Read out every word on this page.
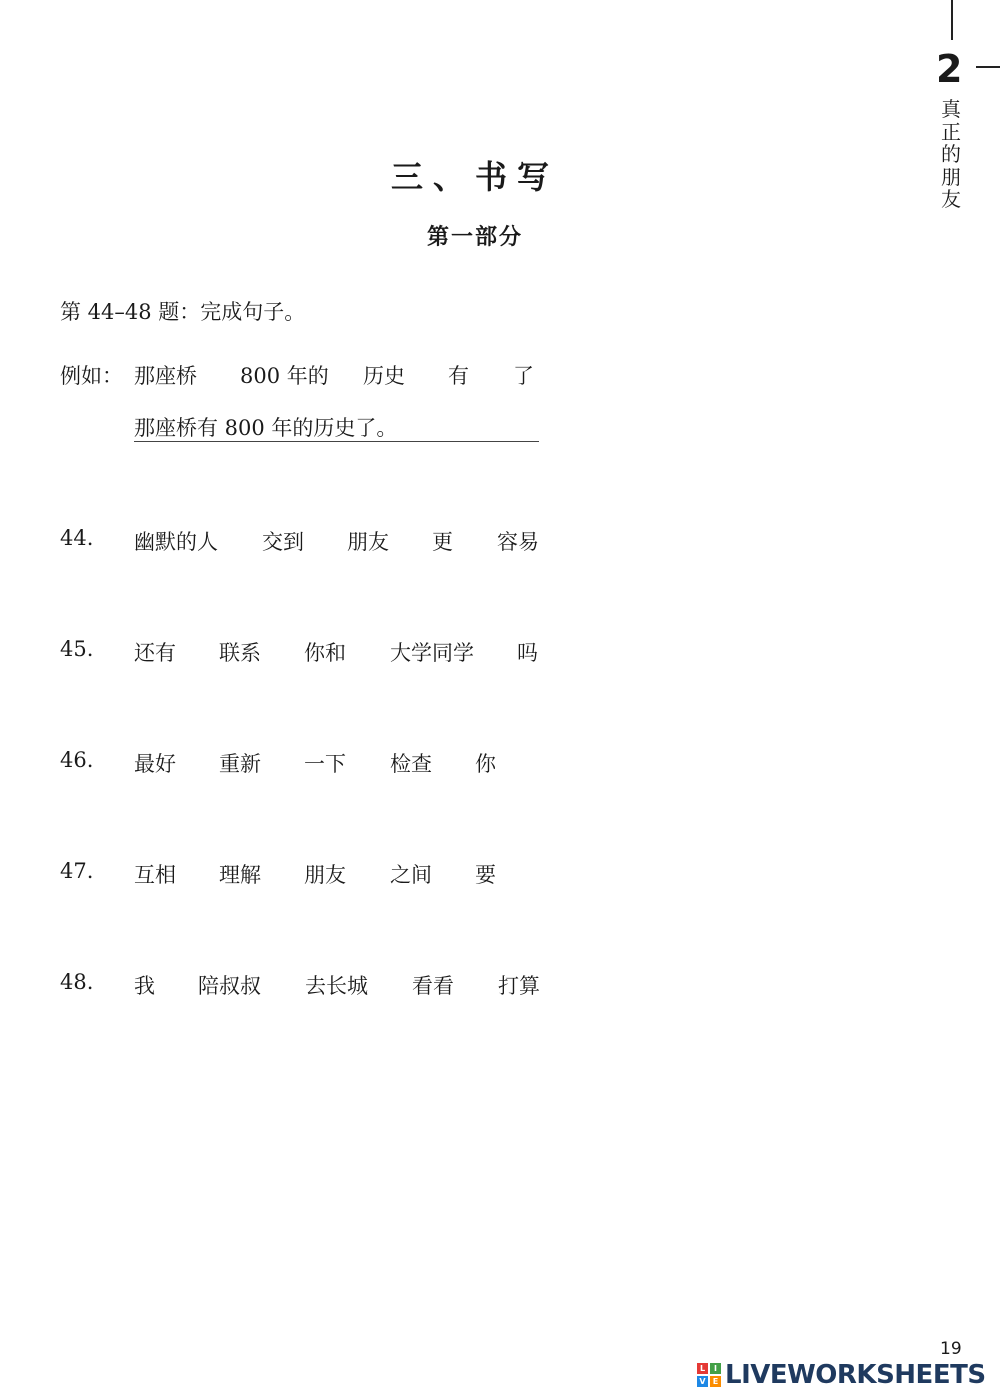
2
真
正
的
朋
友
三、书写
第一部分
第 44–48 题：完成句子。
例如： 那座桥 800 年的 历史 有 了
那座桥有 800 年的历史了。
44. 幽默的人 交到 朋友 更 容易
45. 还有 联系 你和 大学同学 吗
46. 最好 重新 一下 检查 你
47. 互相 理解 朋友 之间 要
48. 我 陪叔叔 去长城 看看 打算
19
L	I
V E LIVEWORKSHEETS
